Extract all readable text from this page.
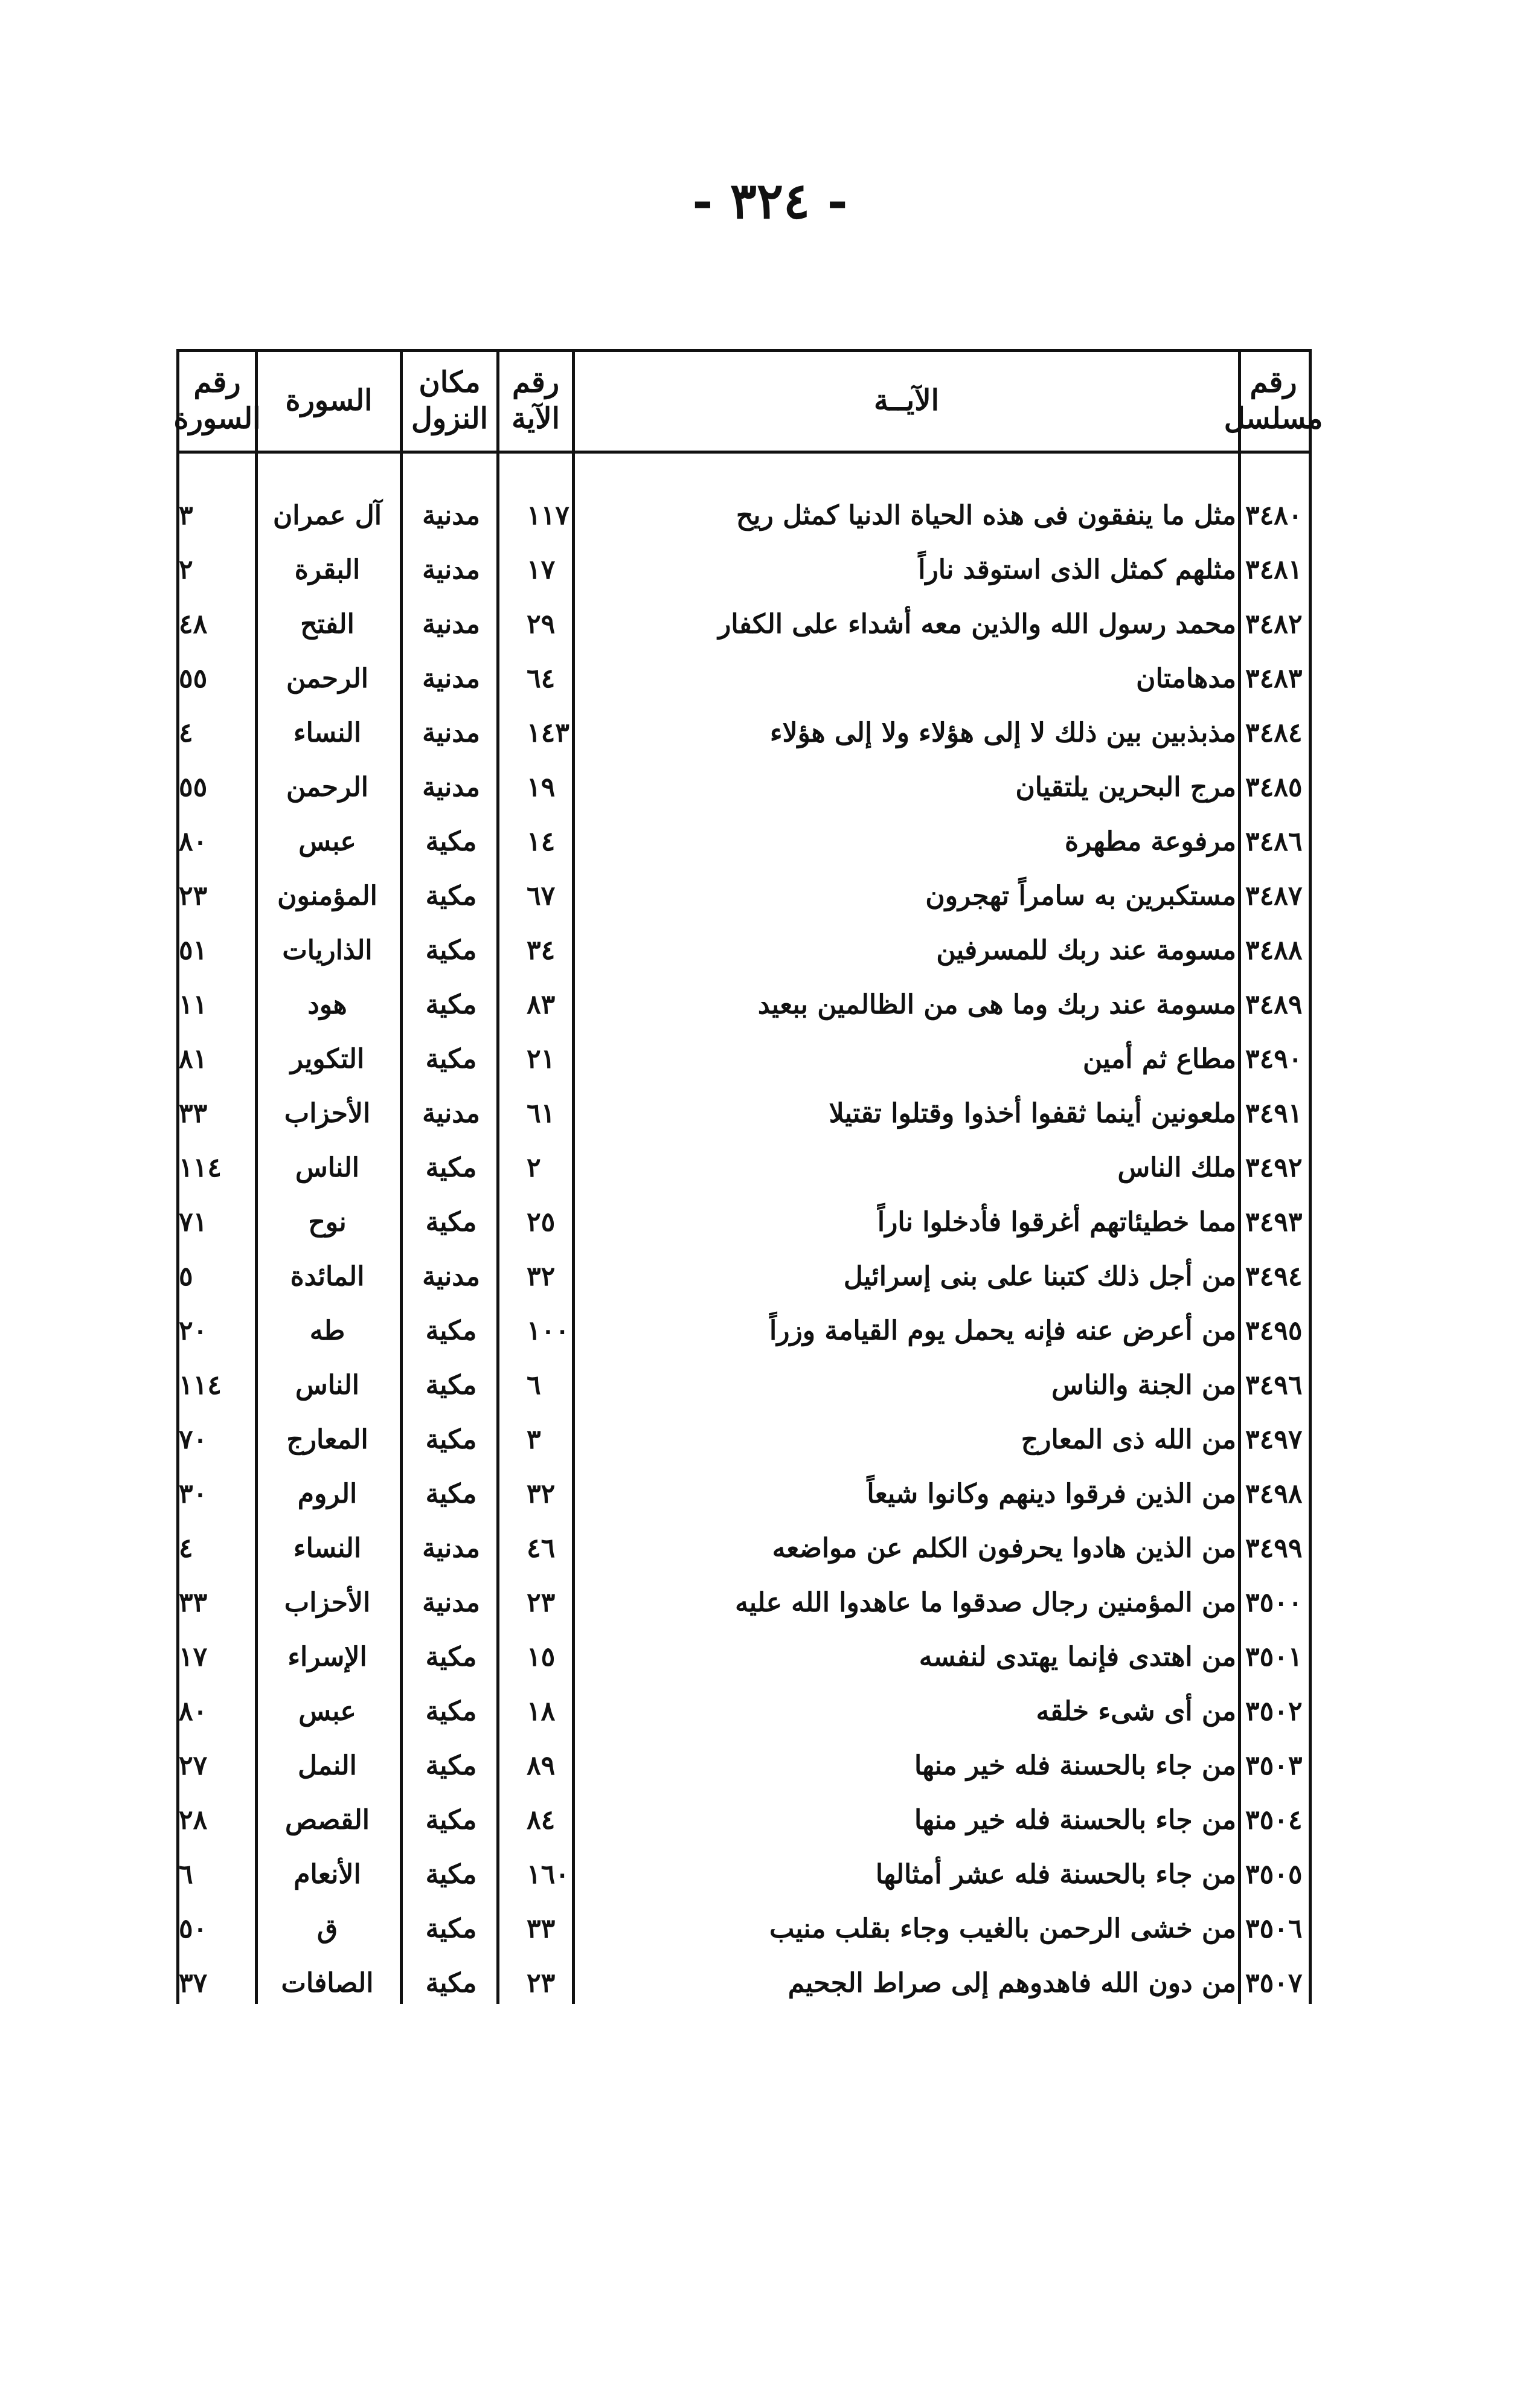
- ٣٢٤ -
رقم
مسلسل
الآيــة
رقم
الآية
مكان
النزول
السورة
رقم
السورة
٣٤٨٠
مثل ما ينفقون فى هذه الحياة الدنيا كمثل ريح
١١٧
مدنية
آل عمران
٣
٣٤٨١
مثلهم كمثل الذى استوقد ناراً
١٧
مدنية
البقرة
٢
٣٤٨٢
محمد رسول الله والذين معه أشداء على الكفار
٢٩
مدنية
الفتح
٤٨
٣٤٨٣
مدهامتان
٦٤
مدنية
الرحمن
٥٥
٣٤٨٤
مذبذبين بين ذلك لا إلى هؤلاء ولا إلى هؤلاء
١٤٣
مدنية
النساء
٤
٣٤٨٥
مرج البحرين يلتقيان
١٩
مدنية
الرحمن
٥٥
٣٤٨٦
مرفوعة مطهرة
١٤
مكية
عبس
٨٠
٣٤٨٧
مستكبرين به سامراً تهجرون
٦٧
مكية
المؤمنون
٢٣
٣٤٨٨
مسومة عند ربك للمسرفين
٣٤
مكية
الذاريات
٥١
٣٤٨٩
مسومة عند ربك وما هى من الظالمين ببعيد
٨٣
مكية
هود
١١
٣٤٩٠
مطاع ثم أمين
٢١
مكية
التكوير
٨١
٣٤٩١
ملعونين أينما ثقفوا أخذوا وقتلوا تقتيلا
٦١
مدنية
الأحزاب
٣٣
٣٤٩٢
ملك الناس
٢
مكية
الناس
١١٤
٣٤٩٣
مما خطيئاتهم أغرقوا فأدخلوا ناراً
٢٥
مكية
نوح
٧١
٣٤٩٤
من أجل ذلك كتبنا على بنى إسرائيل
٣٢
مدنية
المائدة
٥
٣٤٩٥
من أعرض عنه فإنه يحمل يوم القيامة وزراً
١٠٠
مكية
طه
٢٠
٣٤٩٦
من الجنة والناس
٦
مكية
الناس
١١٤
٣٤٩٧
من الله ذى المعارج
٣
مكية
المعارج
٧٠
٣٤٩٨
من الذين فرقوا دينهم وكانوا شيعاً
٣٢
مكية
الروم
٣٠
٣٤٩٩
من الذين هادوا يحرفون الكلم عن مواضعه
٤٦
مدنية
النساء
٤
٣٥٠٠
من المؤمنين رجال صدقوا ما عاهدوا الله عليه
٢٣
مدنية
الأحزاب
٣٣
٣٥٠١
من اهتدى فإنما يهتدى لنفسه
١٥
مكية
الإسراء
١٧
٣٥٠٢
من أى شىء خلقه
١٨
مكية
عبس
٨٠
٣٥٠٣
من جاء بالحسنة فله خير منها
٨٩
مكية
النمل
٢٧
٣٥٠٤
من جاء بالحسنة فله خير منها
٨٤
مكية
القصص
٢٨
٣٥٠٥
من جاء بالحسنة فله عشر أمثالها
١٦٠
مكية
الأنعام
٦
٣٥٠٦
من خشى الرحمن بالغيب وجاء بقلب منيب
٣٣
مكية
ق
٥٠
٣٥٠٧
من دون الله فاهدوهم إلى صراط الجحيم
٢٣
مكية
الصافات
٣٧
